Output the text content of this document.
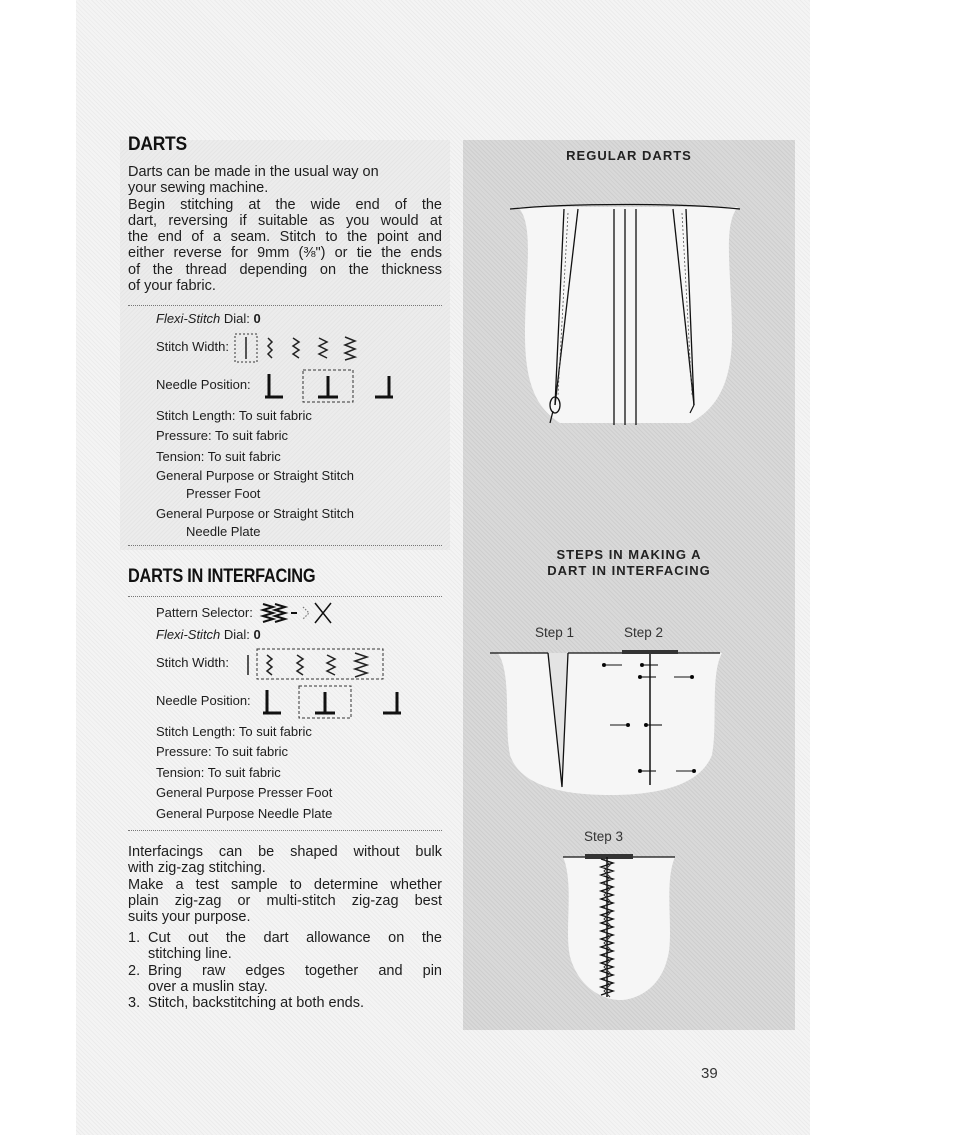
DARTS
Darts can be made in the usual way on
your sewing machine.
Begin stitching at the wide end of the
dart, reversing if suitable as you would at
the end of a seam. Stitch to the point and
either reverse for 9mm (⅜") or tie the ends
of the thread depending on the thickness
of your fabric.
Flexi-Stitch Dial: 0
Stitch Width:
Needle Position:
Stitch Length: To suit fabric
Pressure: To suit fabric
Tension: To suit fabric
General Purpose or Straight Stitch
Presser Foot
General Purpose or Straight Stitch
Needle Plate
DARTS IN INTERFACING
Pattern Selector:
Flexi-Stitch Dial: 0
Stitch Width:
Needle Position:
Stitch Length: To suit fabric
Pressure: To suit fabric
Tension: To suit fabric
General Purpose Presser Foot
General Purpose Needle Plate
Interfacings can be shaped without bulk
with zig-zag stitching.
Make a test sample to determine whether
plain zig-zag or multi-stitch zig-zag best
suits your purpose.
1. Cut out the dart allowance on the
stitching line.
2. Bring raw edges together and pin
over a muslin stay.
3. Stitch, backstitching at both ends.
REGULAR DARTS
STEPS IN MAKING A
DART IN INTERFACING
Step 1	Step 2
Step 3
39
